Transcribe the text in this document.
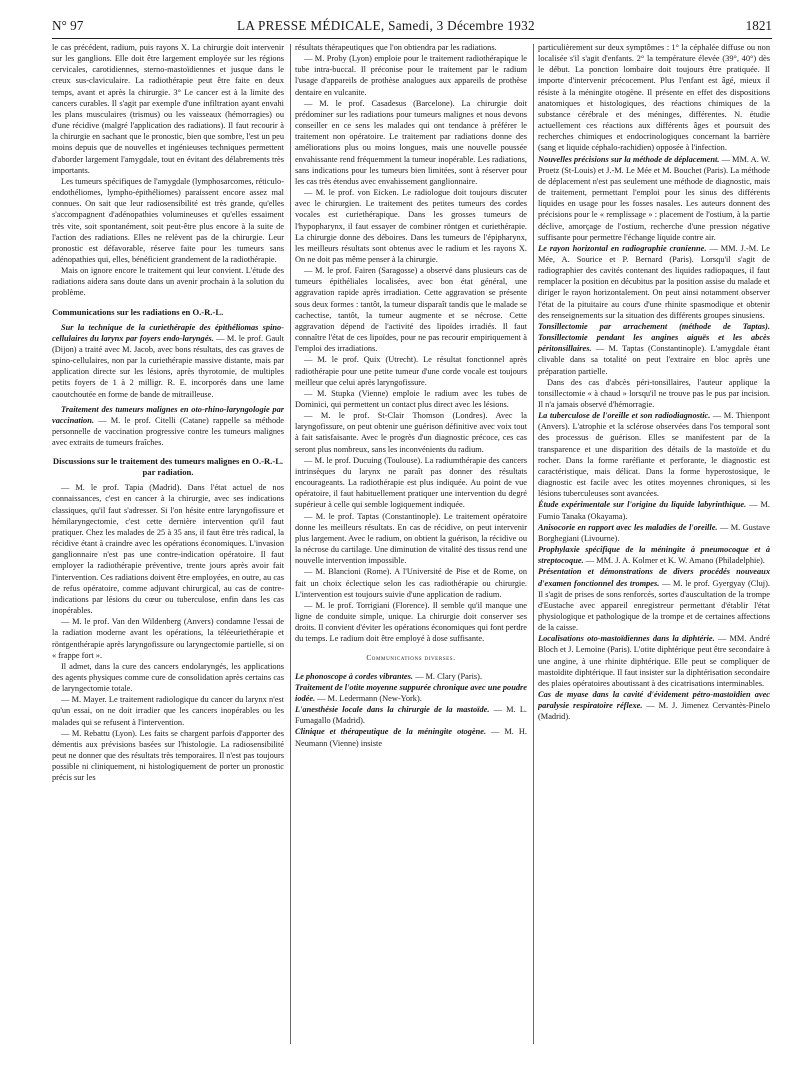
N° 97	LA PRESSE MÉDICALE, Samedi, 3 Décembre 1932	1821

le cas précédent, radium, puis rayons X. La chirurgie doit intervenir sur les ganglions. Elle doit être largement employée sur les régions cervicales, carotidiennes, sterno-mastoïdiennes et jusque dans le creux sus-claviculaire. La radiothérapie peut être faite en deux temps, avant et après la chirurgie. 3° Le cancer est à la limite des cancers curables. Il s'agit par exemple d'une infiltration ayant envahi les plans musculaires (trismus) ou les vaisseaux (hémorragies) ou d'une récidive (malgré l'application des radiations). Il faut recourir à la chirurgie en sachant que le pronostic, bien que sombre, l'est un peu moins depuis que de nouvelles et ingénieuses techniques permettent d'aborder largement l'amygdale, tout en évitant des délabrements très importants.

Les tumeurs spécifiques de l'amygdale (lymphosarcomes, réticulo-endothéliomes, lympho-épithéliomes) paraissent encore assez mal connues. On sait que leur radiosensibilité est très grande, qu'elles s'accompagnent d'adénopathies volumineuses et qu'elles essaiment très vite, soit spontanément, soit peut-être plus encore à la suite de l'action des radiations. Elles ne relèvent pas de la chirurgie. Leur pronostic est défavorable, réserve faite pour les tumeurs sans adénopathies qui, elles, bénéficient grandement de la radiothérapie.

Mais on ignore encore le traitement qui leur convient. L'étude des radiations aidera sans doute dans un avenir prochain à la solution du problème.

Communications sur les radiations en O.-R.-L.

Sur la technique de la curiethérapie des épithéliomas spino-cellulaires du larynx par foyers endo-laryngés. — M. le prof. Gault (Dijon) a traité avec M. Jacob, avec bons résultats, des cas graves de spino-cellulaires, non par la curiethérapie massive distante, mais par application directe sur les lésions, après thyrotomie, de multiples petits foyers de 1 à 2 milligr. R. E. incorporés dans une lame caoutchoutée en forme de bande de mitrailleuse.

Traitement des tumeurs malignes en oto-rhino-laryngologie par vaccination. — M. le prof. Citelli (Catane) rappelle sa méthode personnelle de vaccination progressive contre les tumeurs malignes avec extraits de tumeurs fraîches.

Discussions sur le traitement des tumeurs malignes en O.-R.-L. par radiation.

— M. le prof. Tapia (Madrid). Dans l'état actuel de nos connaissances, c'est en cancer à la chirurgie, avec ses indications classiques, qu'il faut s'adresser. Si l'on hésite entre laryngofissure et hémilaryngectomie, c'est cette dernière intervention qu'il faut pratiquer. Chez les malades de 25 à 35 ans, il faut être très radical, la récidive étant à craindre avec les opérations économiques. L'invasion ganglionnaire n'est pas une contre-indication opératoire. Il faut employer la radiothérapie préventive, trente jours après avoir fait l'intervention. Ces radiations doivent être employées, en outre, au cas de refus opératoire, comme adjuvant chirurgical, au cas de contre-indications par lésions du cœur ou tuberculose, enfin dans les cas inopérables.

— M. le prof. Van den Wildenberg (Anvers) condamne l'essai de la radiation moderne avant les opérations, la téléeuriethérapie et röntgenthérapie après laryngofissure ou laryngectomie partielle, si on « frappe fort ».

Il admet, dans la cure des cancers endolaryngés, les applications des agents physiques comme cure de consolidation après certains cas de laryngectomie totale.

— M. Mayer. Le traitement radiologique du cancer du larynx n'est qu'un essai, on ne doit irradier que les cancers inopérables ou les malades qui se refusent à l'intervention.

— M. Rebattu (Lyon). Les faits se chargent parfois d'apporter des démentis aux prévisions basées sur l'histologie. La radiosensibilité peut ne donner que des résultats très temporaires. Il n'est pas toujours possible ni cliniquement, ni histologiquement de porter un pronostic précis sur les

résultats thérapeutiques que l'on obtiendra par les radiations.

— M. Proby (Lyon) emploie pour le traitement radiothérapique le tube intra-buccal. Il préconise pour le traitement par le radium l'usage d'appareils de prothèse analogues aux appareils de prothèse dentaire en vulcanite.

— M. le prof. Casadesus (Barcelone). La chirurgie doit prédominer sur les radiations pour tumeurs malignes et nous devons conseiller en ce sens les malades qui ont tendance à préférer le traitement non opératoire. Le traitement par radiations donne des améliorations plus ou moins longues, mais une nouvelle poussée envahissante rend fréquemment la tumeur inopérable. Les radiations, sans indications pour les tumeurs bien limitées, sont à réserver pour les cas très étendus avec envahissement ganglionnaire.

— M. le prof. von Eicken. Le radiologue doit toujours discuter avec le chirurgien. Le traitement des petites tumeurs des cordes vocales est curiethérapique. Dans les grosses tumeurs de l'hypopharynx, il faut essayer de combiner röntgen et curiethérapie. La chirurgie donne des déboires. Dans les tumeurs de l'épipharynx, les meilleurs résultats sont obtenus avec le radium et les rayons X. On ne doit pas même penser à la chirurgie.

— M. le prof. Fairen (Saragosse) a observé dans plusieurs cas de tumeurs épithéliales localisées, avec bon état général, une aggravation rapide après irradiation. Cette aggravation se présente sous deux formes : tantôt, la tumeur disparaît tandis que le malade se cachectise, tantôt, la tumeur augmente et se nécrose. Cette aggravation dépend de l'activité des lipoïdes irradiés. Il faut connaître l'état de ces lipoïdes, pour ne pas recourir empiriquement à l'emploi des irradiations.

— M. le prof. Quix (Utrecht). Le résultat fonctionnel après radiothérapie pour une petite tumeur d'une corde vocale est toujours meilleur que celui après laryngofissure.

— M. Stupka (Vienne) emploie le radium avec les tubes de Dominici, qui permettent un contact plus direct avec les lésions.

— M. le prof. St-Clair Thomson (Londres). Avec la laryngofissure, on peut obtenir une guérison définitive avec voix tout à fait satisfaisante. Avec le progrès d'un diagnostic précoce, ces cas seront plus nombreux, sans les inconvénients du radium.

— M. le prof. Ducuing (Toulouse). La radiumthérapie des cancers intrinsèques du larynx ne paraît pas donner des résultats encourageants. La radiothérapie est plus indiquée. Au point de vue opératoire, il faut habituellement pratiquer une intervention du degré supérieur à celle qui semble logiquement indiquée.

— M. le prof. Taptas (Constantinople). Le traitement opératoire donne les meilleurs résultats. En cas de récidive, on peut intervenir plus largement. Avec le radium, on obtient la guérison, la récidive ou la nécrose du cartilage. Une diminution de vitalité des tissus rend une nouvelle intervention impossible.

— M. Blancioni (Rome). A l'Université de Pise et de Rome, on fait un choix éclectique selon les cas radiothérapie ou chirurgie. L'intervention est toujours suivie d'une application de radium.

— M. le prof. Torrigiani (Florence). Il semble qu'il manque une ligne de conduite simple, unique. La chirurgie doit conserver ses droits. Il convient d'éviter les opérations économiques qui font perdre du temps. Le radium doit être employé à dose suffisante.

Communications diverses.

Le phonoscope à cordes vibrantes. — M. Clary (Paris).

Traitement de l'otite moyenne suppurée chronique avec une poudre iodée. — M. Ledermann (New-York).

L'anesthésie locale dans la chirurgie de la mastoïde. — M. L. Fumagallo (Madrid).

Clinique et thérapeutique de la méningite otogène. — M. H. Neumann (Vienne) insiste

particulièrement sur deux symptômes : 1° la céphalée diffuse ou non localisée s'il s'agit d'enfants. 2° la température élevée (39°, 40°) dès le début. La ponction lombaire doit toujours être pratiquée. Il importe d'intervenir précocement. Plus l'enfant est âgé, mieux il résiste à la méningite otogène. Il présente en effet des dispositions anatomiques et histologiques, des réactions chimiques de la substance cérébrale et des méninges, différentes. N. étudie actuellement ces réactions aux différents âges et poursuit des recherches chimiques et endocrinologiques concernant la barrière (sang et liquide céphalo-rachidien) opposée à l'infection.

Nouvelles précisions sur la méthode de déplacement. — MM. A. W. Proetz (St-Louis) et J.-M. Le Mée et M. Bouchet (Paris). La méthode de déplacement n'est pas seulement une méthode de diagnostic, mais de traitement, permettant l'emploi pour les sinus des différents liquides en usage pour les fosses nasales. Les auteurs donnent des précisions pour le « remplissage » : placement de l'ostium, à la partie déclive, amorçage de l'ostium, recherche d'une pression négative suffisante pour permettre l'échange liquide contre air.

Le rayon horizontal en radiographie cranienne. — MM. J.-M. Le Mée, A. Sourice et P. Bernard (Paris). Lorsqu'il s'agit de radiographier des cavités contenant des liquides radiopaques, il faut remplacer la position en décubitus par la position assise du malade et diriger le rayon horizontalement. On peut ainsi notamment observer l'état de la pituitaire au cours d'une rhinite spasmodique et obtenir des renseignements sur la situation des différents groupes sinusiens.

Tonsillectomie par arrachement (méthode de Taptas). Tonsillectomie pendant les angines aiguës et les abcès péritonsillaires. — M. Taptas (Constantinople). L'amygdale étant clivable dans sa totalité on peut l'extraire en bloc après une préparation partielle.

Dans des cas d'abcès péri-tonsillaires, l'auteur applique la tonsillectomie « à chaud » lorsqu'il ne trouve pas le pus par incision. Il n'a jamais observé d'hémorragie.

La tuberculose de l'oreille et son radiodiagnostic. — M. Thienpont (Anvers). L'atrophie et la sclérose observées dans l'os temporal sont des processus de guérison. Elles se manifestent par de la transparence et une disparition des détails de la mastoïde et du rocher. Dans la forme raréfiante et perforante, le diagnostic est caractéristique, mais délicat. Dans la forme hyperostosique, le diagnostic est facile avec les otites moyennes chroniques, si les lésions tuberculeuses sont avancées.

Étude expérimentale sur l'origine du liquide labyrinthique. — M. Fumio Tanaka (Okayama).

Anisocorie en rapport avec les maladies de l'oreille. — M. Gustave Borghegiani (Livourne).

Prophylaxie spécifique de la méningite à pneumocoque et à streptocoque. — MM. J. A. Kolmer et K. W. Amano (Philadelphie).

Présentation et démonstrations de divers procédés nouveaux d'examen fonctionnel des trompes. — M. le prof. Gyergyay (Cluj). Il s'agit de prises de sons renforcés, sortes d'auscultation de la trompe d'Eustache avec appareil enregistreur permettant d'établir l'état physiologique et pathologique de la trompe et de certaines affections de la caisse.

Localisations oto-mastoïdiennes dans la diphtérie. — MM. André Bloch et J. Lemoine (Paris). L'otite diphtérique peut être secondaire à une angine, à une rhinite diphtérique. Elle peut se compliquer de mastoïdite diphtérique. Il faut insister sur la diphtérisation secondaire des plaies opératoires aboutissant à des cicatrisations interminables.

Cas de myase dans la cavité d'évidement pétro-mastoïdien avec paralysie respiratoire réflexe. — M. J. Jimenez Cervantès-Pinelo (Madrid).
